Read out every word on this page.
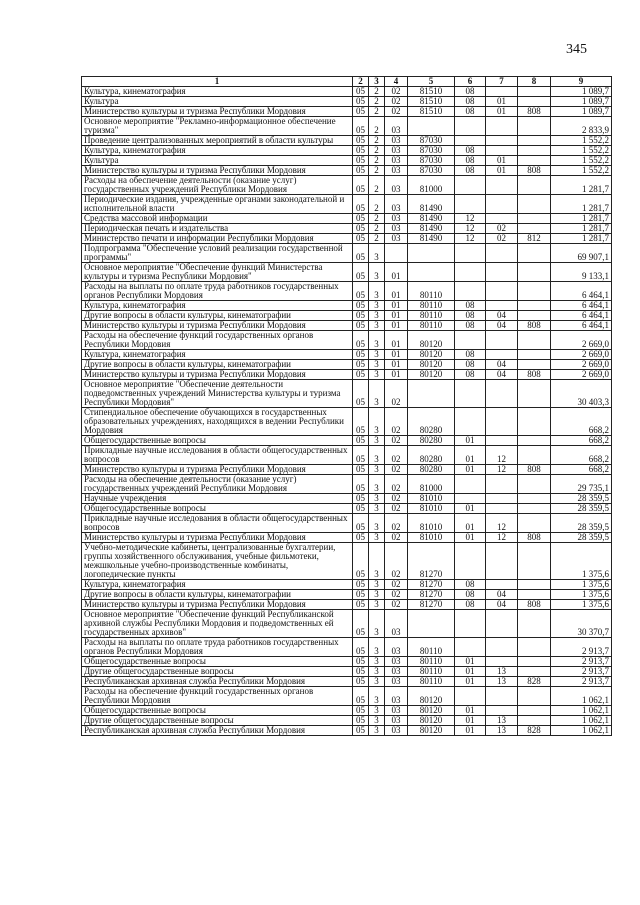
345
1	2	3	4	5	6	7	8	9
Культура, кинематография	05	2	02	81510	08			1 089,7
Культура	05	2	02	81510	08	01		1 089,7
Министерство культуры и туризма Республики Мордовия	05	2	02	81510	08	01	808	1 089,7
Основное мероприятие "Рекламно-информационное обеспечение туризма"	05	2	03					2 833,9
Проведение централизованных мероприятий в области культуры	05	2	03	87030				1 552,2
Культура, кинематография	05	2	03	87030	08			1 552,2
Культура	05	2	03	87030	08	01		1 552,2
Министерство культуры и туризма Республики Мордовия	05	2	03	87030	08	01	808	1 552,2
Расходы на обеспечение деятельности (оказание услуг) государственных учреждений Республики Мордовия	05	2	03	81000				1 281,7
Периодические издания, учрежденные органами законодательной и исполнительной власти	05	2	03	81490				1 281,7
Средства массовой информации	05	2	03	81490	12			1 281,7
Периодическая печать и издательства	05	2	03	81490	12	02		1 281,7
Министерство печати и информации Республики Мордовия	05	2	03	81490	12	02	812	1 281,7
Подпрограмма "Обеспечение условий реализации государственной программы"	05	3						69 907,1
Основное мероприятие "Обеспечение функций Министерства культуры и туризма Республики Мордовия"	05	3	01					9 133,1
Расходы на выплаты по оплате труда работников государственных органов Республики Мордовия	05	3	01	80110				6 464,1
Культура, кинематография	05	3	01	80110	08			6 464,1
Другие вопросы в области культуры, кинематографии	05	3	01	80110	08	04		6 464,1
Министерство культуры и туризма Республики Мордовия	05	3	01	80110	08	04	808	6 464,1
Расходы на обеспечение функций государственных органов Республики Мордовия	05	3	01	80120				2 669,0
Культура, кинематография	05	3	01	80120	08			2 669,0
Другие вопросы в области культуры, кинематографии	05	3	01	80120	08	04		2 669,0
Министерство культуры и туризма Республики Мордовия	05	3	01	80120	08	04	808	2 669,0
Основное мероприятие "Обеспечение деятельности подведомственных учреждений Министерства культуры и туризма Республики Мордовия"	05	3	02					30 403,3
Стипендиальное обеспечение обучающихся в государственных образовательных учреждениях, находящихся в ведении Республики Мордовия	05	3	02	80280				668,2
Общегосударственные вопросы	05	3	02	80280	01			668,2
Прикладные научные исследования в области общегосударственных вопросов	05	3	02	80280	01	12		668,2
Министерство культуры и туризма Республики Мордовия	05	3	02	80280	01	12	808	668,2
Расходы на обеспечение деятельности (оказание услуг) государственных учреждений Республики Мордовия	05	3	02	81000				29 735,1
Научные учреждения	05	3	02	81010				28 359,5
Общегосударственные вопросы	05	3	02	81010	01			28 359,5
Прикладные научные исследования в области общегосударственных вопросов	05	3	02	81010	01	12		28 359,5
Министерство культуры и туризма Республики Мордовия	05	3	02	81010	01	12	808	28 359,5
Учебно-методические кабинеты, централизованные бухгалтерии, группы хозяйственного обслуживания, учебные фильмотеки, межшкольные учебно-производственные комбинаты, логопедические пункты	05	3	02	81270				1 375,6
Культура, кинематография	05	3	02	81270	08			1 375,6
Другие вопросы в области культуры, кинематографии	05	3	02	81270	08	04		1 375,6
Министерство культуры и туризма Республики Мордовия	05	3	02	81270	08	04	808	1 375,6
Основное мероприятие "Обеспечение функций Республиканской архивной службы Республики Мордовия и подведомственных ей государственных архивов"	05	3	03					30 370,7
Расходы на выплаты по оплате труда работников государственных органов Республики Мордовия	05	3	03	80110				2 913,7
Общегосударственные вопросы	05	3	03	80110	01			2 913,7
Другие общегосударственные вопросы	05	3	03	80110	01	13		2 913,7
Республиканская архивная служба Республики Мордовия	05	3	03	80110	01	13	828	2 913,7
Расходы на обеспечение функций государственных органов Республики Мордовия	05	3	03	80120				1 062,1
Общегосударственные вопросы	05	3	03	80120	01			1 062,1
Другие общегосударственные вопросы	05	3	03	80120	01	13		1 062,1
Республиканская архивная служба Республики Мордовия	05	3	03	80120	01	13	828	1 062,1
